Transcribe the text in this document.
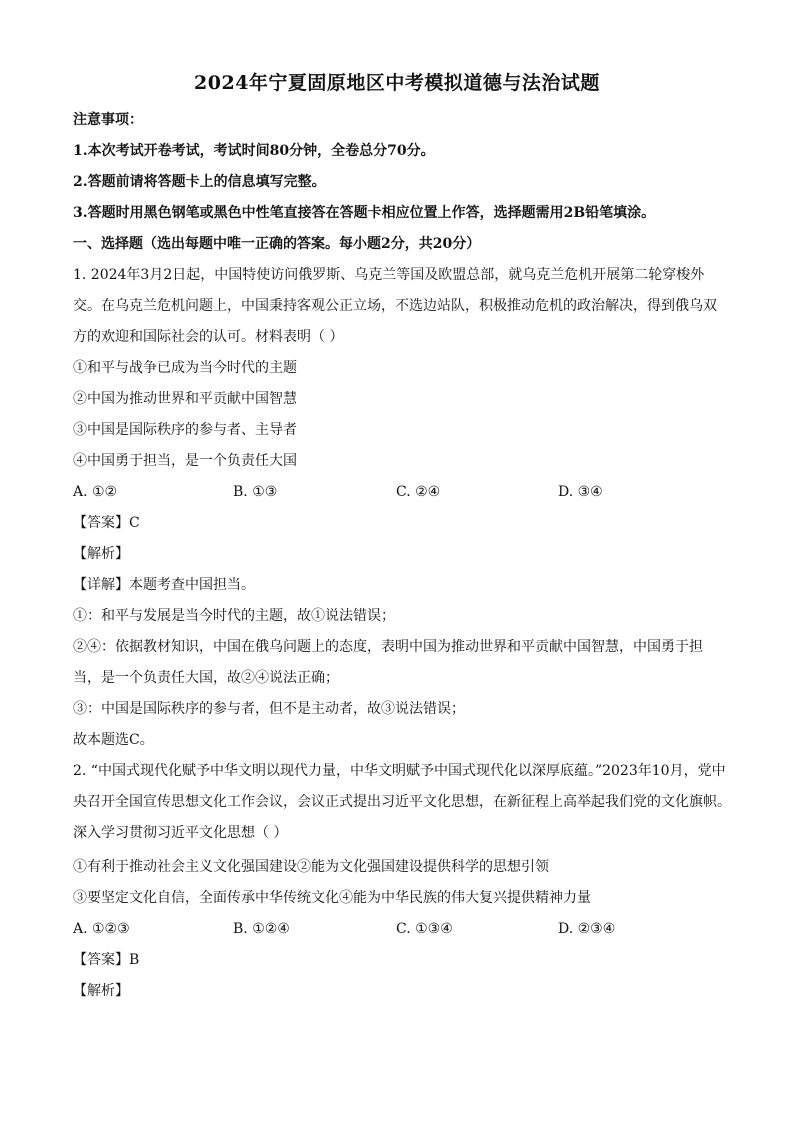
2024年宁夏固原地区中考模拟道德与法治试题
注意事项：
1.本次考试开卷考试，考试时间80分钟，全卷总分70分。
2.答题前请将答题卡上的信息填写完整。
3.答题时用黑色钢笔或黑色中性笔直接答在答题卡相应位置上作答，选择题需用2B铅笔填涂。
一、选择题（选出每题中唯一正确的答案。每小题2分，共20分）
1. 2024年3月2日起，中国特使访问俄罗斯、乌克兰等国及欧盟总部，就乌克兰危机开展第二轮穿梭外
交。在乌克兰危机问题上，中国秉持客观公正立场，不选边站队，积极推动危机的政治解决，得到俄乌双
方的欢迎和国际社会的认可。材料表明（ ）
①和平与战争已成为当今时代的主题
②中国为推动世界和平贡献中国智慧
③中国是国际秩序的参与者、主导者
④中国勇于担当，是一个负责任大国
A. ①②	B. ①③	C. ②④	D. ③④
【答案】C
【解析】
【详解】本题考查中国担当。
①：和平与发展是当今时代的主题，故①说法错误；
②④：依据教材知识，中国在俄乌问题上的态度，表明中国为推动世界和平贡献中国智慧，中国勇于担
当，是一个负责任大国，故②④说法正确；
③：中国是国际秩序的参与者，但不是主动者，故③说法错误；
故本题选C。
2. “中国式现代化赋予中华文明以现代力量，中华文明赋予中国式现代化以深厚底蕴。”2023年10月，党中
央召开全国宣传思想文化工作会议，会议正式提出习近平文化思想，在新征程上高举起我们党的文化旗帜。
深入学习贯彻习近平文化思想（ ）
①有利于推动社会主义文化强国建设②能为文化强国建设提供科学的思想引领
③要坚定文化自信，全面传承中华传统文化④能为中华民族的伟大复兴提供精神力量
A. ①②③	B. ①②④	C. ①③④	D. ②③④
【答案】B
【解析】
